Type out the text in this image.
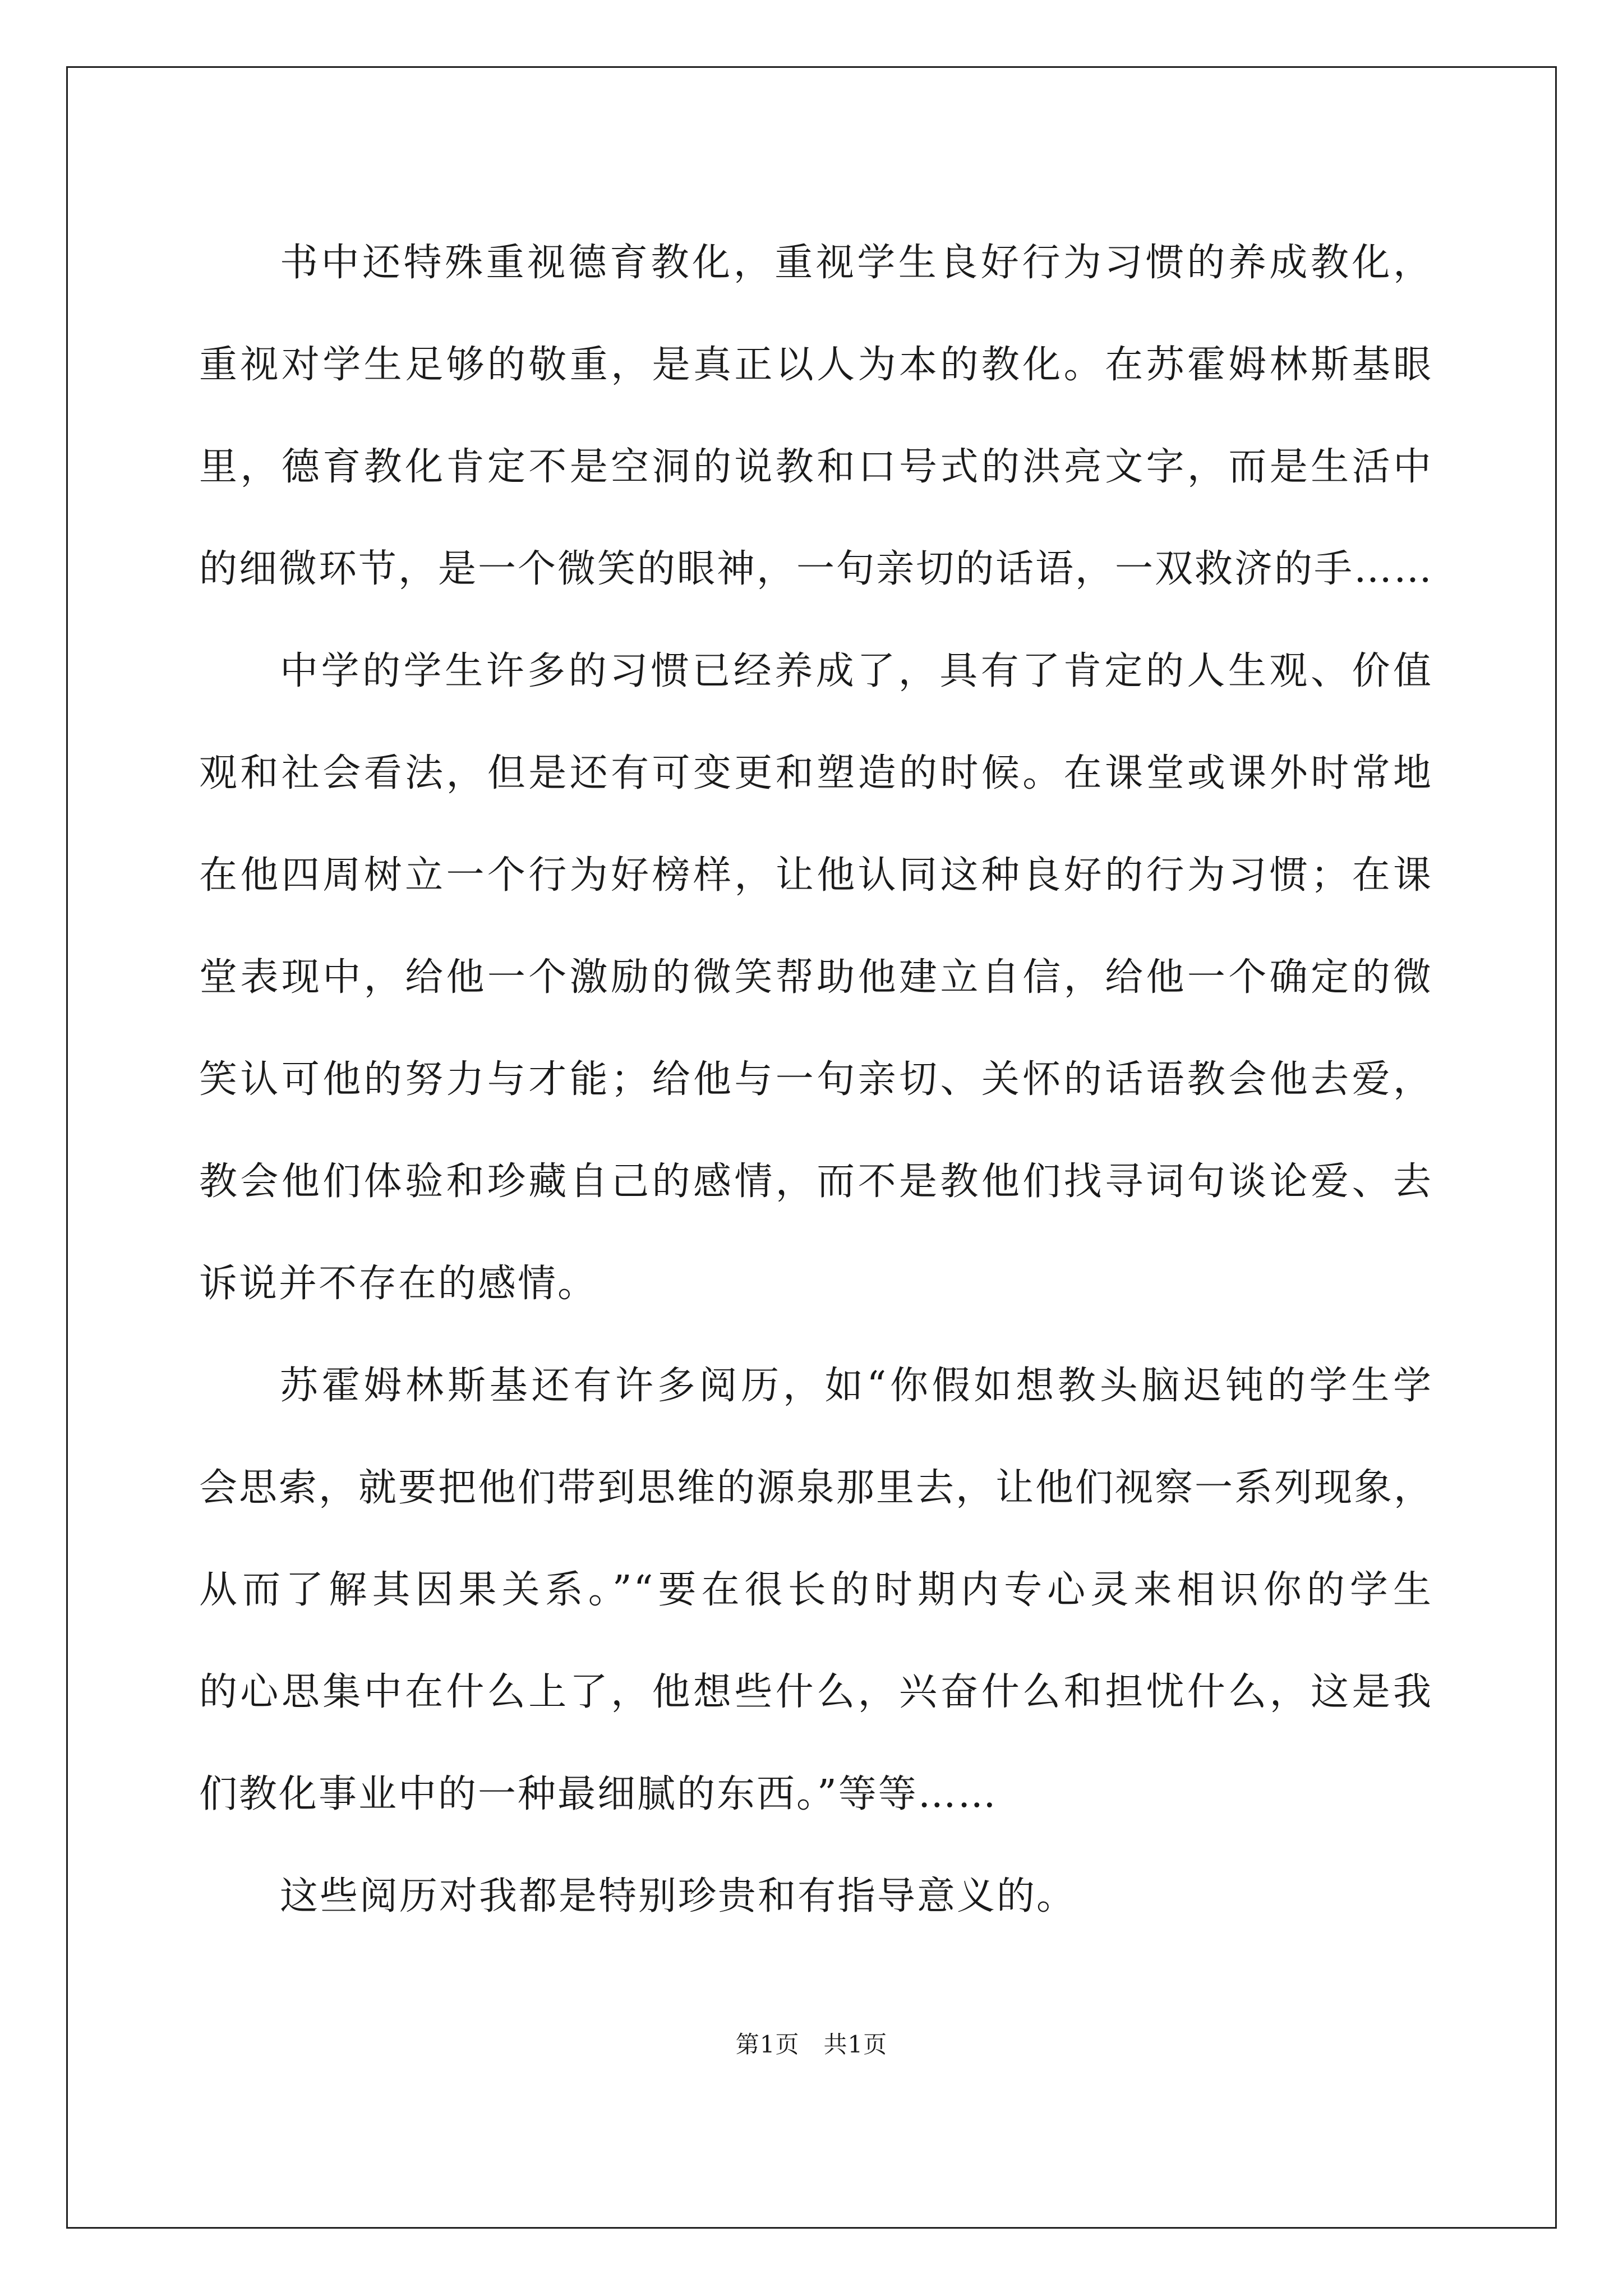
书中还特殊重视德育教化，重视学生良好行为习惯的养成教化，
重视对学生足够的敬重，是真正以人为本的教化。在苏霍姆林斯基眼
里，德育教化肯定不是空洞的说教和口号式的洪亮文字，而是生活中
的细微环节，是一个微笑的眼神，一句亲切的话语，一双救济的手……

中学的学生许多的习惯已经养成了，具有了肯定的人生观、价值
观和社会看法，但是还有可变更和塑造的时候。在课堂或课外时常地
在他四周树立一个行为好榜样，让他认同这种良好的行为习惯；在课
堂表现中，给他一个激励的微笑帮助他建立自信，给他一个确定的微
笑认可他的努力与才能；给他与一句亲切、关怀的话语教会他去爱，
教会他们体验和珍藏自己的感情，而不是教他们找寻词句谈论爱、去
诉说并不存在的感情。

苏霍姆林斯基还有许多阅历，如“你假如想教头脑迟钝的学生学
会思索，就要把他们带到思维的源泉那里去，让他们视察一系列现象，
从而了解其因果关系。”“要在很长的时期内专心灵来相识你的学生
的心思集中在什么上了，他想些什么，兴奋什么和担忧什么，这是我
们教化事业中的一种最细腻的东西。”等等……

这些阅历对我都是特别珍贵和有指导意义的。

第1页　共1页
